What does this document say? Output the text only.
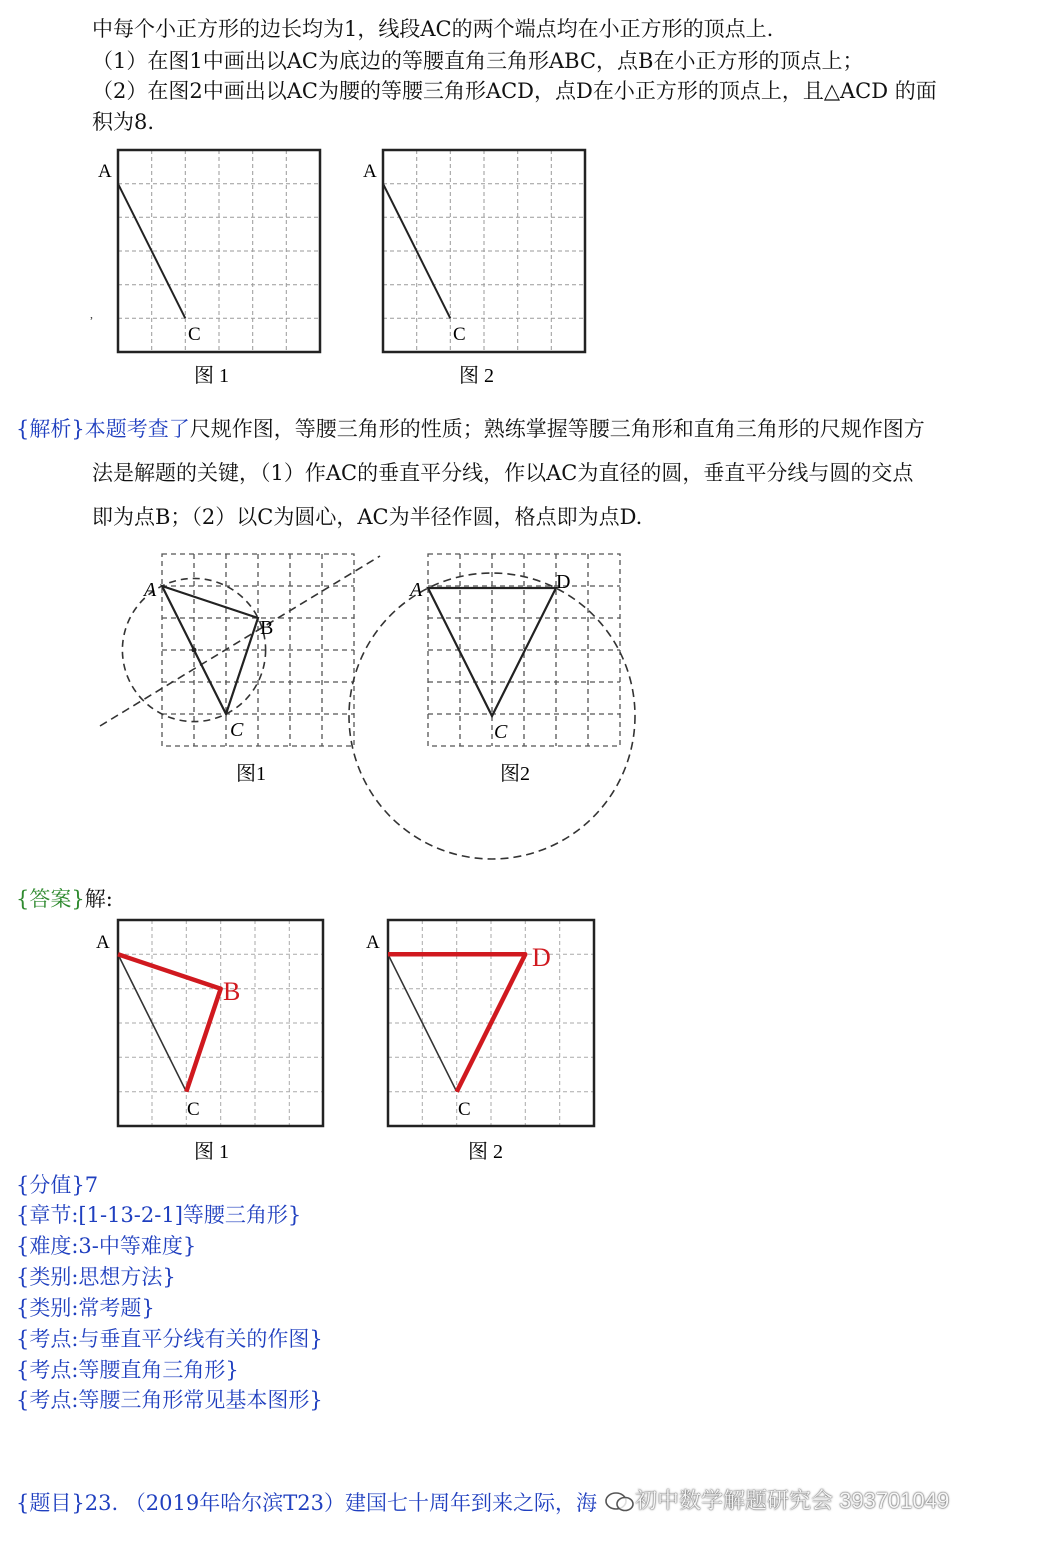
中每个小正方形的边长均为1，线段AC的两个端点均在小正方形的顶点上.
（1）在图1中画出以AC为底边的等腰直角三角形ABC，点B在小正方形的顶点上；
（2）在图2中画出以AC为腰的等腰三角形ACD，点D在小正方形的顶点上，且△ACD 的面
积为8.
A
C
,
图 1
A
C
图 2
{解析}本题考查了尺规作图，等腰三角形的性质；熟练掌握等腰三角形和直角三角形的尺规作图方
法是解题的关键，（1）作AC的垂直平分线，作以AC为直径的圆，垂直平分线与圆的交点
即为点B；（2）以C为圆心，AC为半径作圆，格点即为点D.
A
B
C
图1
A	D
C
图2
{答案}解:
A
B
C
图 1
A
D
C
图 2
{分值}7
{章节:[1-13-2-1]等腰三角形}
{难度:3-中等难度}
{类别:思想方法}
{类别:常考题}
{考点:与垂直平分线有关的作图}
{考点:等腰直角三角形}
{考点:等腰三角形常见基本图形}
{题目}23. （2019年哈尔滨T23）建国七十周年到来之际，海	初中数学解题研究会 393701049
